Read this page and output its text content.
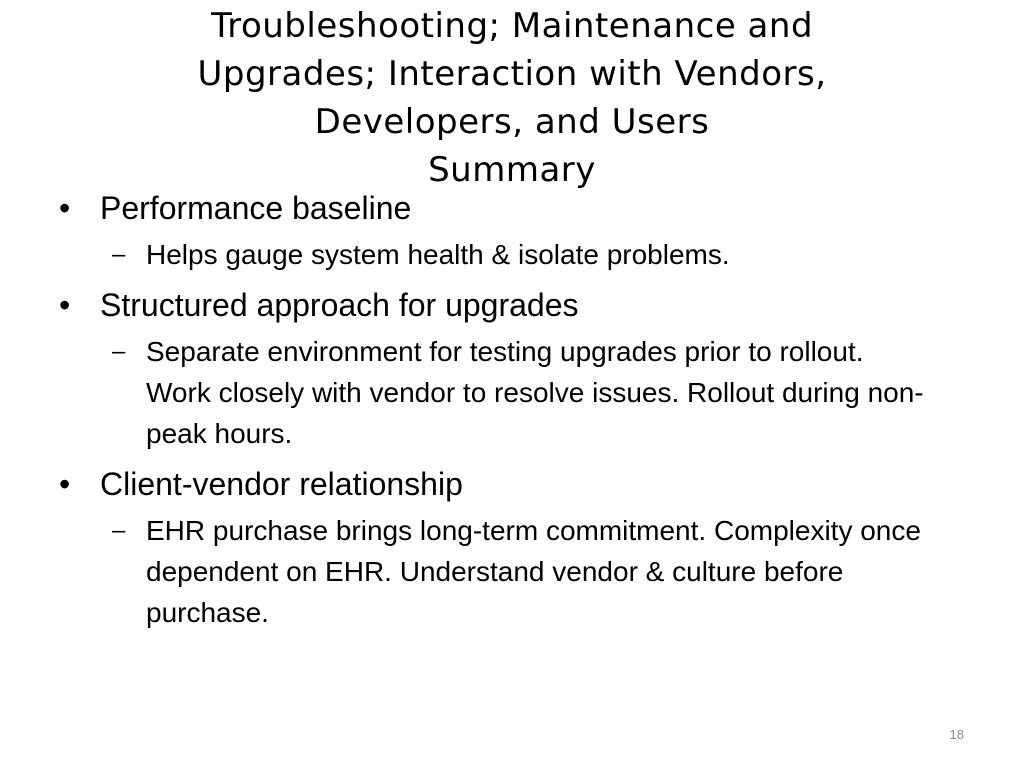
Troubleshooting; Maintenance and
Upgrades; Interaction with Vendors,
Developers, and Users
Summary
• Performance baseline
– Helps gauge system health & isolate problems.
• Structured approach for upgrades
– Separate environment for testing upgrades prior to rollout. Work closely with vendor to resolve issues. Rollout during non-peak hours.
• Client-vendor relationship
– EHR purchase brings long-term commitment. Complexity once dependent on EHR. Understand vendor & culture before purchase.
18
